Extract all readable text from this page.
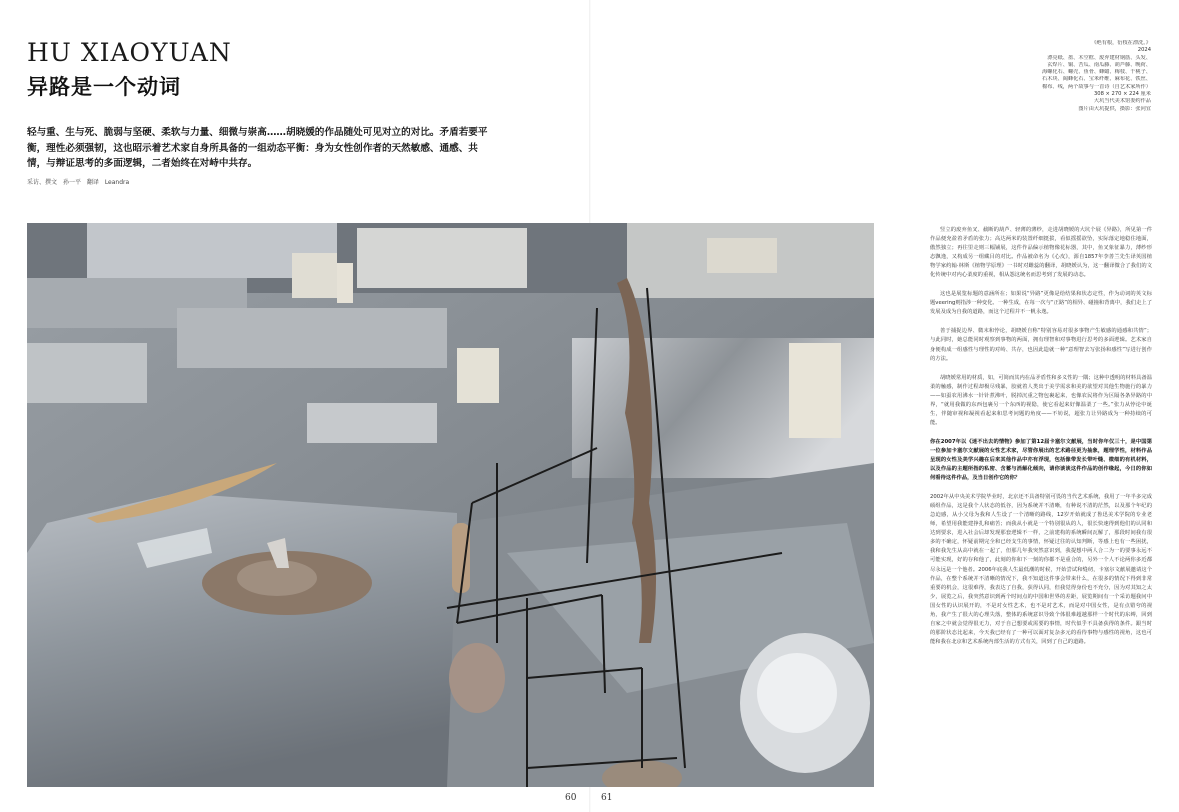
HU XIAOYUAN
异路是一个动词

轻与重、生与死、脆弱与坚硬、柔软与力量、细微与崇高……胡晓媛的作品随处可见对立的对比。矛盾若要平衡，理性必须强韧，这也昭示着艺术家自身所具备的一组动态平衡：身为女性创作者的天然敏感、通感、共情，与辩证思考的多面逻辑，二者始终在对峙中共存。

采访、撰文 孙一平 翻译 Leandra
《绝有根，衍枝在漂洗。》
2024
漂亮纸、墨、木空框、废弃建材钢筋、头发、
玄焊片、铜、苦瓜、南瓜藤、葫芦藤、晚荷、
海螺化石、螺壳、鱼骨、蜂蜡、梅枝、干桃子、
石木块、阔蜂化石、宝米纤维、麻布花、铁丝、
棉布、线，两个故事与一首诗（自艺术家所作）
308 × 270 × 224 厘米
大坑当代美术馆委约作品
图片由大坑提供，摄影：张问宜

竖立的废弃鱼叉、截断的葫芦、轻薄的薄纱，走进胡晓媛的大坑个展《异路》，所见第一件作品便充盈着矛盾的张力；高达两米的装置纤细挺拔，看似摇摇欲坠，实际落定地稳住地面，傲然独立；再往里走则三幅铺展，这件作品偏示植物像花标器，其中，鱼叉象征暴力，薄纱形态飘逸，又构成另一组藏目的对比。作品被命名为《心皮》，源自1857年李善兰先生译英国植物学家约翰·林斯《植物学原理》一书时对雌蕊的翻译，胡晓媛认为，这一翻译微合了我们的文化传统中对内心柔度的重视，相从怨这统名而思考到了发展的动态。

这也是展览标题的意涵所在；如果说“异路”更像是给结果和状态定性，作为动词的英文标题veering则指涉一种变化、一种生成，在每一次与“正路”的相异、碰撞和背离中，我们走上了发展及成为自我的道路，而这个过程并不一帆永逸。

善于捕捉边界、微末和悖论，胡晓媛自称“特别容易对很多事物产生敏感的通感和共情”；与此同时，她总能同时观察到事物的两面，拥有理智和对事物进行思考的多面逻辑。艺术家自身便构成一组感性与理性的对峙、共存，也因此造就一种“意理智去写张扬和感性”写进行创作的方法。

胡晓媛常用的材质，如，可简而其内在品矛盾性和多义性的一隅；这种中透明的材料具备温柔的触感，制作过程却极尽残暴，胶就着人类出于美学需求和美的欲望对其他生物施行的暴力——如蚕农用沸水一针针煮沸叶，脱掉沉重之物包裹起来，也像农民将作为区隔各条异路的中界，“就用我做的东西包裹另一个东西的视隐，使它看起来好像温柔了一些。”张力从悖论中诞生，伴随审视和凝视看起来和思考问题的角度——不妨说，超张力让异路成为一种持续的可能。

你在2007年以《迷不出去的情物》参加了第12届卡塞尔文献展，当时你年仅三十，是中国第一位参加卡塞尔文献展的女性艺术家，尽管你展出的艺术路径更为抽象，题理学性，材料作品呈现的女性及美学兴趣在后来其他作品中亦有浮现，包括像带发长带叶缝、微细的有机材料，以及作品的主题所指的私密、含蓄与消解化倾向，请你谈谈这件作品的创作缘起，今日的你如何看待这件作品，及当日创作它的你？

2002年从中央美术学院毕业时，北京还不具备特别可畏的当代艺术系统，我用了一年半多完成硕组作品，这是我个人状态的低谷，因为系统并不清晰，有种说不清的茫然，以及那个年纪的急迫感，从小父母为我和人生设了一个清晰的路线，12岁开始就成了鲁迅美术学院的专业老师，希望用我能建挣扎和痛苦；而我从小就是一个特别很从的人，很长快速得到他们的认同和达到要求，进入社会后却发现那套逻辑不一样，之前建构的系统瞬间瓦解了，那段时间我有很多的不确定，怀疑前期完全和已经支生的事情，怀疑过往的认知判断，等感上也有一些困扰，我和我先生从高中就在一起了，但那几年我突然意识到，我提想中两人合二为一的要事永远不可能实现，好的存和他了，此刻的你和下一刻的你都不是重合的，另外一个人不论两你多近都尽永远是一个他者。2006年底我人生最低潮的时候，开始尝试和缝纫，卡塞尔文献展邀请这个作品，在整个系统并不清晰的情况下，我不知道这件事会带来什么，在很多的情况下得到非常重要的机会，这很难得，我表达了自我，获得认同，但我觉得身份也不充分，因为对其知之太少，展览之后，我突然意识到两个时间点的中国和世界的差距，展览期间有一个采访题我问中国女性的认识展开的，不是对女性艺术，也不是对艺术，而是对中国女性，是有点错夸的视角，我产生了很大的心理失落，整体的系统意识导致个体很难超越那样一个时代的东缚，回到自家之中就会觉得很无力，对于自己想要或需要的事情，时代似乎不具备获得的条件。跟当时的那阶状态比起来，今天我已经有了一种可以面对复杂多元的看待事物与感性的视角，这也可能和我在北京和艺术系统内部生活的方式有关，回到了自己的道路。

60	61
